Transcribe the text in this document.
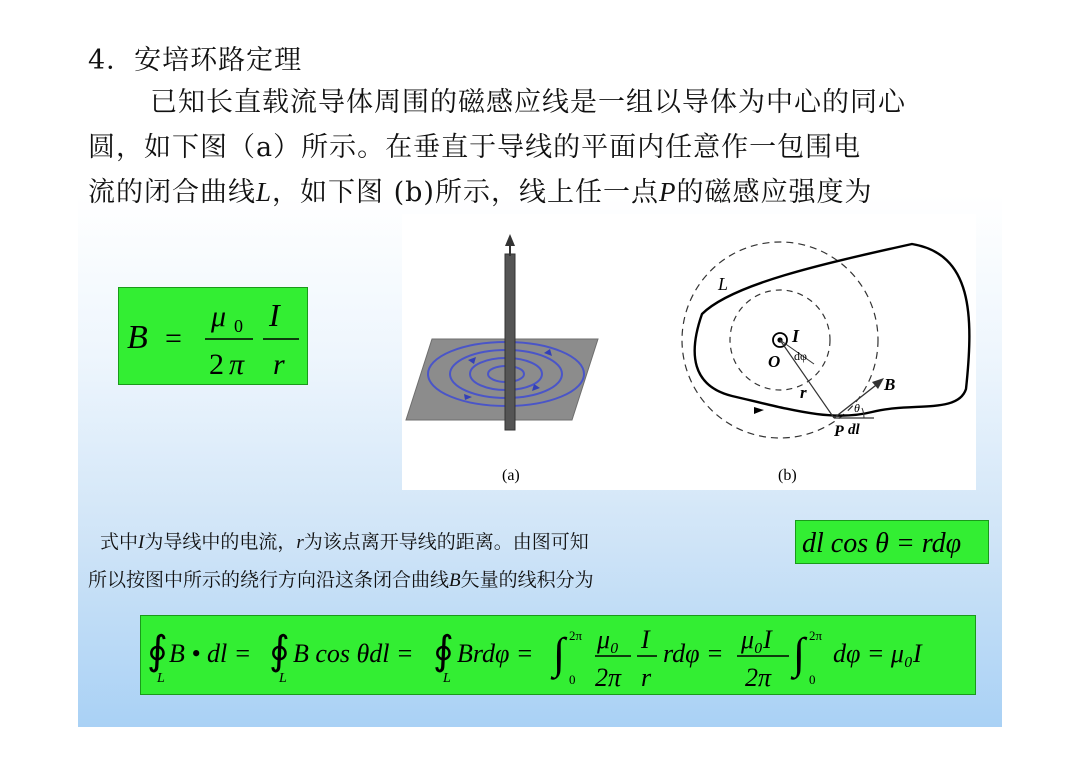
4．安培环路定理
已知长直载流导体周围的磁感应线是一组以导体为中心的同心
圆，如下图（a）所示。在垂直于导线的平面内任意作一包围电
流的闭合曲线L，如下图 (b)所示，线上任一点P的磁感应强度为
B =
μ 0 I
2 π r
(a)
L
I
O dφ
r	B
θ
P dl
(b)
式中I为导线中的电流，r为该点离开导线的距离。由图可知
所以按图中所示的绕行方向沿这条闭合曲线B矢量的线积分为
dl cos θ = rdφ
∮
L
B • dl = ∮
L
B cos θdl = ∮
L
Brdφ = ∫ 2π
0
μ₀
2π
I
r
rdφ = μ₀I
2π ∫ 2π
0
dφ = μ₀I
